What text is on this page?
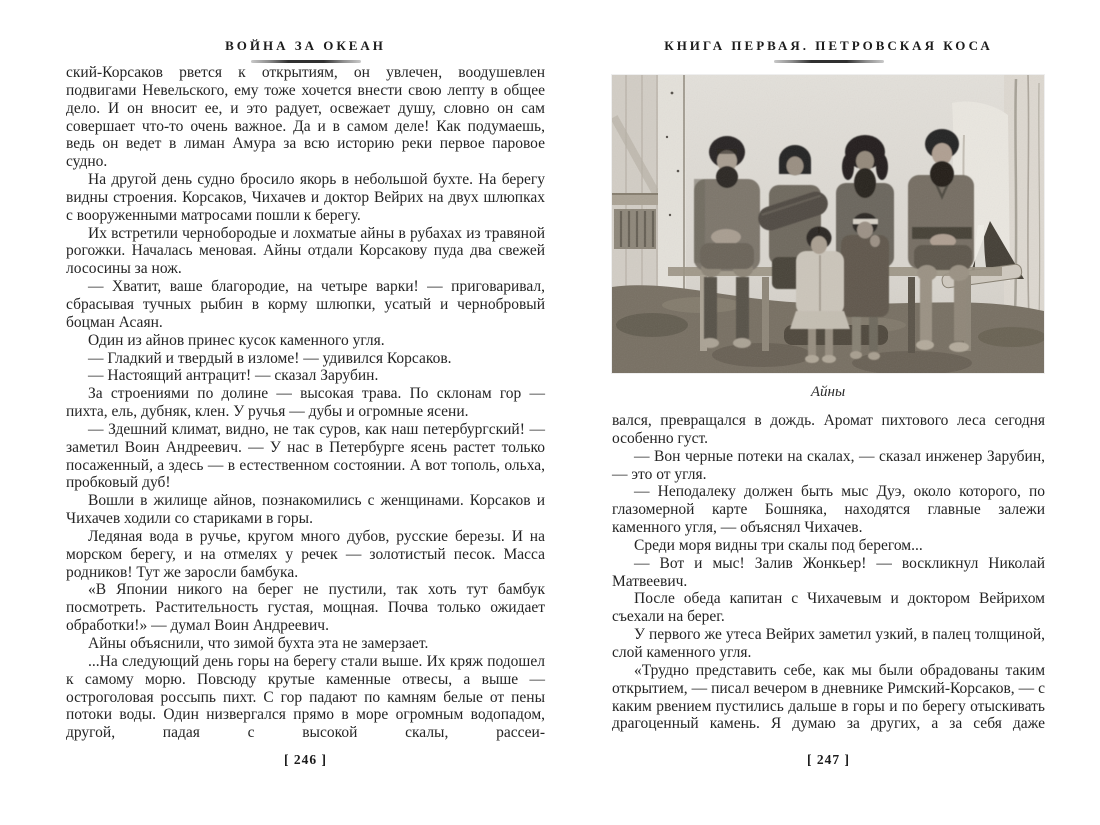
ВОЙНА ЗА ОКЕАН

ский-Корсаков рвется к открытиям, он увлечен, воодушевлен подвигами Невельского, ему тоже хочется внести свою лепту в общее дело. И он вносит ее, и это радует, освежает душу, словно он сам совершает что-то очень важное. Да и в самом деле! Как подумаешь, ведь он ведет в лиман Амура за всю историю реки первое паровое судно.

На другой день судно бросило якорь в небольшой бухте. На берегу видны строения. Корсаков, Чихачев и доктор Вейрих на двух шлюпках с вооруженными матросами пошли к берегу.

Их встретили чернобородые и лохматые айны в рубахах из травяной рогожки. Началась меновая. Айны отдали Корсакову пуда два свежей лососины за нож.

— Хватит, ваше благородие, на четыре варки! — приговаривал, сбрасывая тучных рыбин в корму шлюпки, усатый и чернобровый боцман Асаян.

Один из айнов принес кусок каменного угля.

— Гладкий и твердый в изломе! — удивился Корсаков.

— Настоящий антрацит! — сказал Зарубин.

За строениями по долине — высокая трава. По склонам гор — пихта, ель, дубняк, клен. У ручья — дубы и огромные ясени.

— Здешний климат, видно, не так суров, как наш петербургский! — заметил Воин Андреевич. — У нас в Петербурге ясень растет только посаженный, а здесь — в естественном состоянии. А вот тополь, ольха, пробковый дуб!

Вошли в жилище айнов, познакомились с женщинами. Корсаков и Чихачев ходили со стариками в горы.

Ледяная вода в ручье, кругом много дубов, русские березы. И на морском берегу, и на отмелях у речек — золотистый песок. Масса родников! Тут же заросли бамбука.

«В Японии никого на берег не пустили, так хоть тут бамбук посмотреть. Растительность густая, мощная. Почва только ожидает обработки!» — думал Воин Андреевич.

Айны объяснили, что зимой бухта эта не замерзает.

...На следующий день горы на берегу стали выше. Их кряж подошел к самому морю. Повсюду крутые каменные отвесы, а выше — остроголовая россыпь пихт. С гор падают по камням белые от пены потоки воды. Один низвергался прямо в море огромным водопадом, другой, падая с высокой скалы, рассеи-

[ 246 ]
КНИГА ПЕРВАЯ. ПЕТРОВСКАЯ КОСА
Айны

вался, превращался в дождь. Аромат пихтового леса сегодня особенно густ.

— Вон черные потеки на скалах, — сказал инженер Зарубин, — это от угля.

— Неподалеку должен быть мыс Дуэ, около которого, по глазомерной карте Бошняка, находятся главные залежи каменного угля, — объяснял Чихачев.

Среди моря видны три скалы под берегом...

— Вот и мыс! Залив Жонкьер! — воскликнул Николай Матвеевич.

После обеда капитан с Чихачевым и доктором Вейрихом съехали на берег.

У первого же утеса Вейрих заметил узкий, в палец толщиной, слой каменного угля.

«Трудно представить себе, как мы были обрадованы таким открытием, — писал вечером в дневнике Римский-Корсаков, — с каким рвением пустились дальше в горы и по берегу отыскивать драгоценный камень. Я думаю за других, а за себя даже

[ 247 ]
